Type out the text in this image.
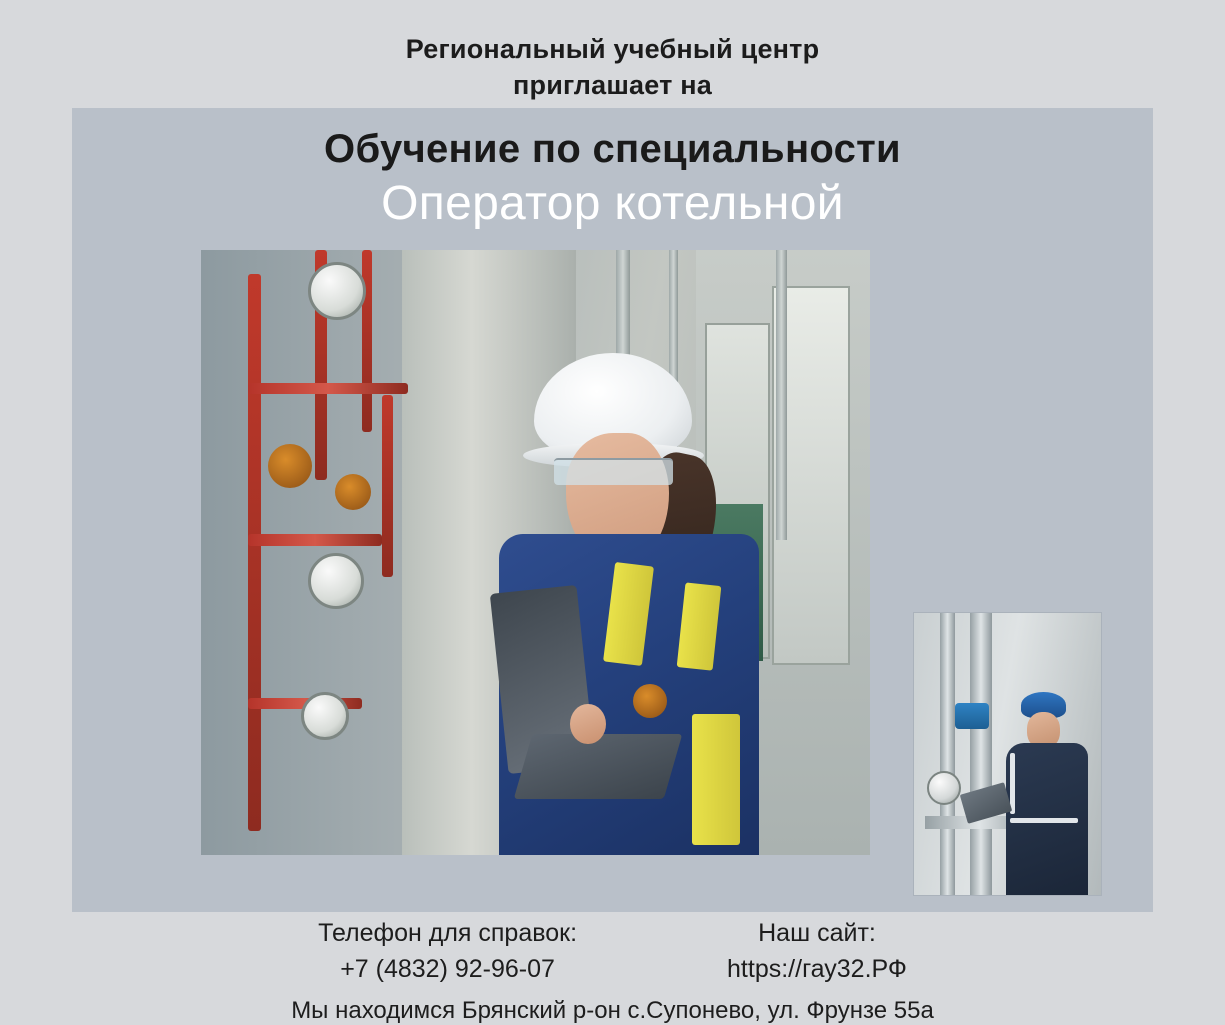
Региональный учебный центр
приглашает на
Обучение по специальности
Оператор котельной
Телефон для справок:
+7 (4832) 92-96-07
Наш сайт:
https://гау32.РФ
Мы находимся Брянский р-он с.Супонево, ул. Фрунзе 55а
